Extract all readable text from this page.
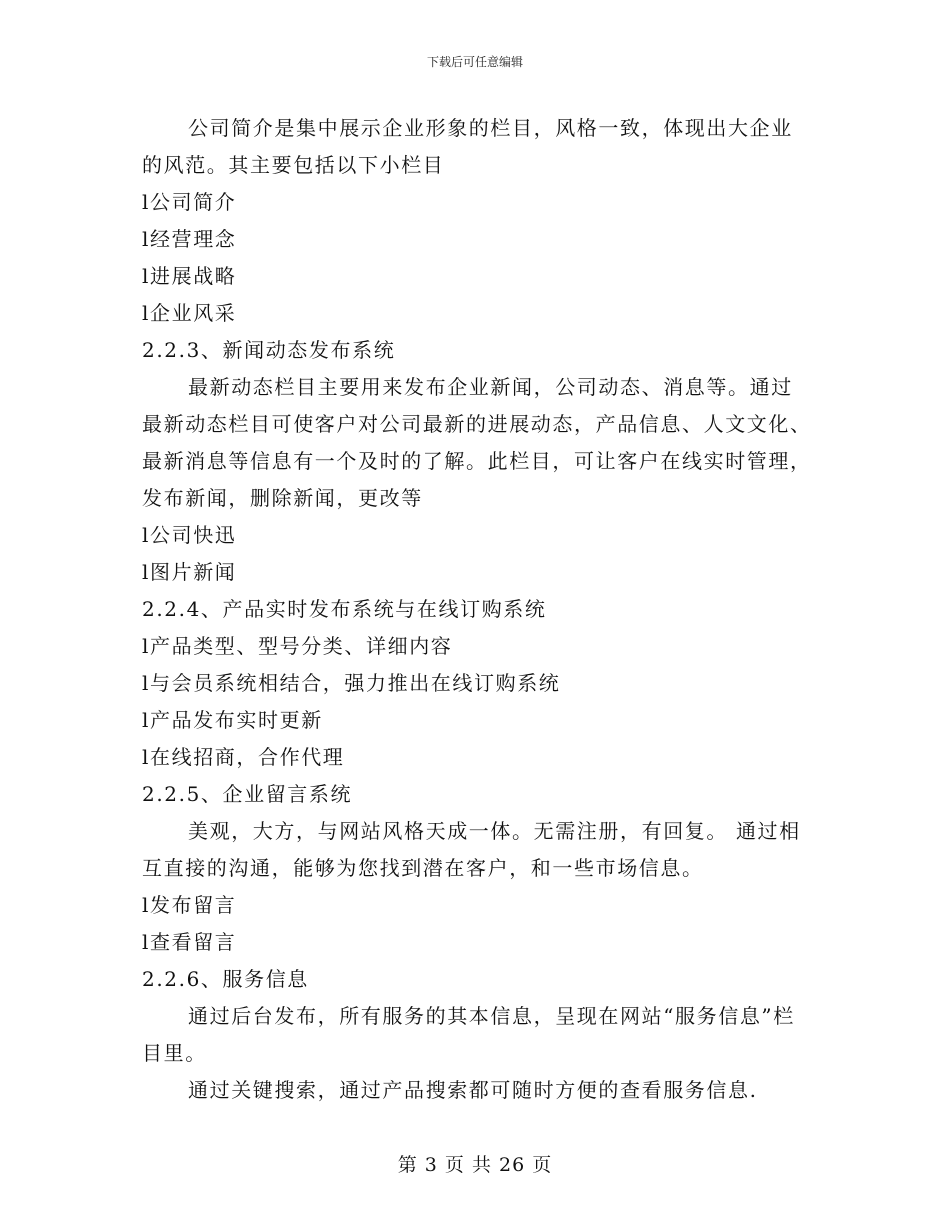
下载后可任意编辑

公司简介是集中展示企业形象的栏目，风格一致，体现出大企业的风范。其主要包括以下小栏目

l公司简介

l经营理念

l进展战略

l企业风采

2.2.3、新闻动态发布系统

最新动态栏目主要用来发布企业新闻，公司动态、消息等。通过最新动态栏目可使客户对公司最新的进展动态，产品信息、人文文化、最新消息等信息有一个及时的了解。此栏目，可让客户在线实时管理，发布新闻，删除新闻，更改等

l公司快迅

l图片新闻

2.2.4、产品实时发布系统与在线订购系统

l产品类型、型号分类、详细内容

l与会员系统相结合，强力推出在线订购系统

l产品发布实时更新

l在线招商，合作代理

2.2.5、企业留言系统

美观，大方，与网站风格天成一体。无需注册，有回复。 通过相互直接的沟通，能够为您找到潜在客户，和一些市场信息。

l发布留言

l查看留言

2.2.6、服务信息

通过后台发布，所有服务的其本信息，呈现在网站“服务信息”栏目里。

通过关键搜索，通过产品搜索都可随时方便的查看服务信息.

第 3 页 共 26 页
